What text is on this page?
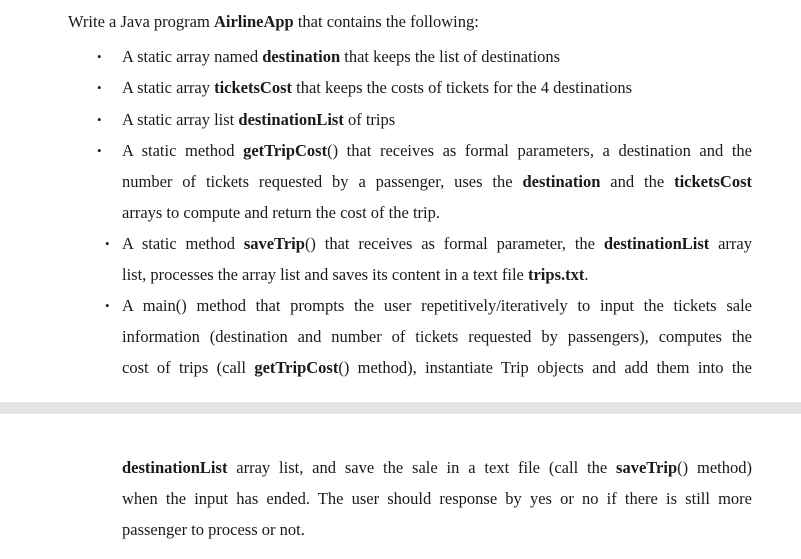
Write a Java program AirlineApp that contains the following:
• A static array named destination that keeps the list of destinations
• A static array ticketsCost that keeps the costs of tickets for the 4 destinations
• A static array list destinationList of trips
• A static method getTripCost() that receives as formal parameters, a destination and the
number of tickets requested by a passenger, uses the destination and the ticketsCost
arrays to compute and return the cost of the trip.
• A static method saveTrip() that receives as formal parameter, the destinationList array
list, processes the array list and saves its content in a text file trips.txt.
• A main() method that prompts the user repetitively/iteratively to input the tickets sale
information (destination and number of tickets requested by passengers), computes the
cost of trips (call getTripCost() method), instantiate Trip objects and add them into the
destinationList array list, and save the sale in a text file (call the saveTrip() method)
when the input has ended. The user should response by yes or no if there is still more
passenger to process or not.
